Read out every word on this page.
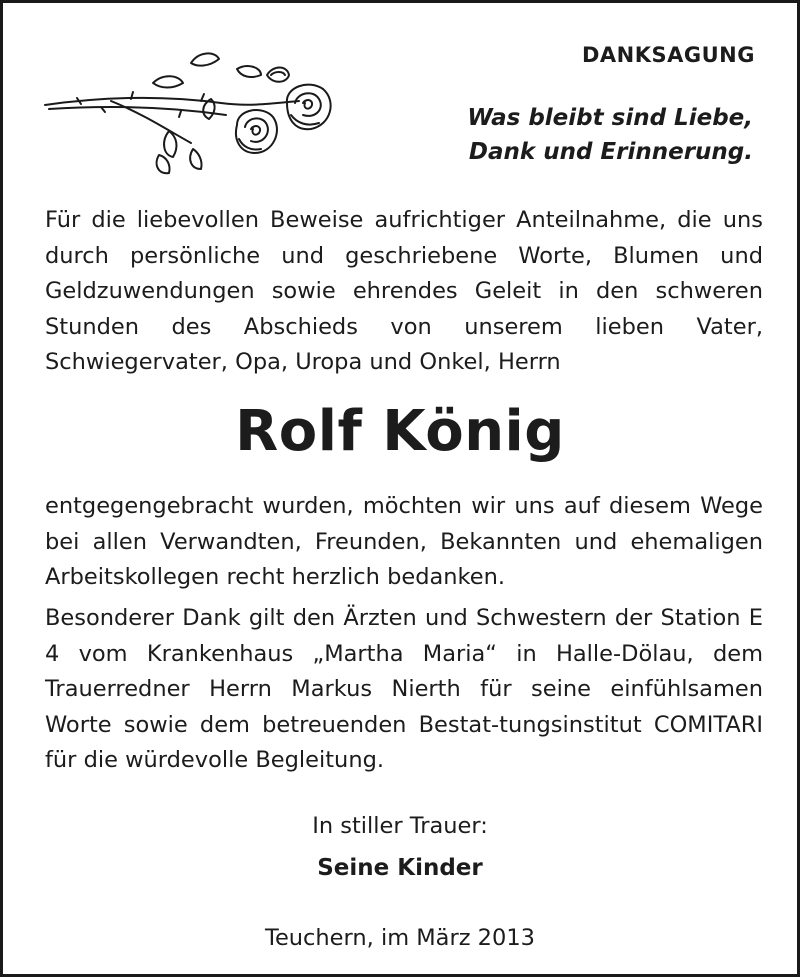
DANKSAGUNG
Was bleibt sind Liebe,
Dank und Erinnerung.
Für die liebevollen Beweise aufrichtiger Anteilnahme, die uns durch persönliche und geschriebene Worte, Blumen und Geldzuwendungen sowie ehrendes Geleit in den schweren Stunden des Abschieds von unserem lieben Vater, Schwiegervater, Opa, Uropa und Onkel, Herrn
Rolf König
entgegengebracht wurden, möchten wir uns auf diesem Wege bei allen Verwandten, Freunden, Bekannten und ehemaligen Arbeitskollegen recht herzlich bedanken.
Besonderer Dank gilt den Ärzten und Schwestern der Station E 4 vom Krankenhaus „Martha Maria“ in Halle-Dölau, dem Trauerredner Herrn Markus Nierth für seine einfühlsamen Worte sowie dem betreuenden Bestat-tungsinstitut COMITARI für die würdevolle Begleitung.
In stiller Trauer:
Seine Kinder
Teuchern, im März 2013
